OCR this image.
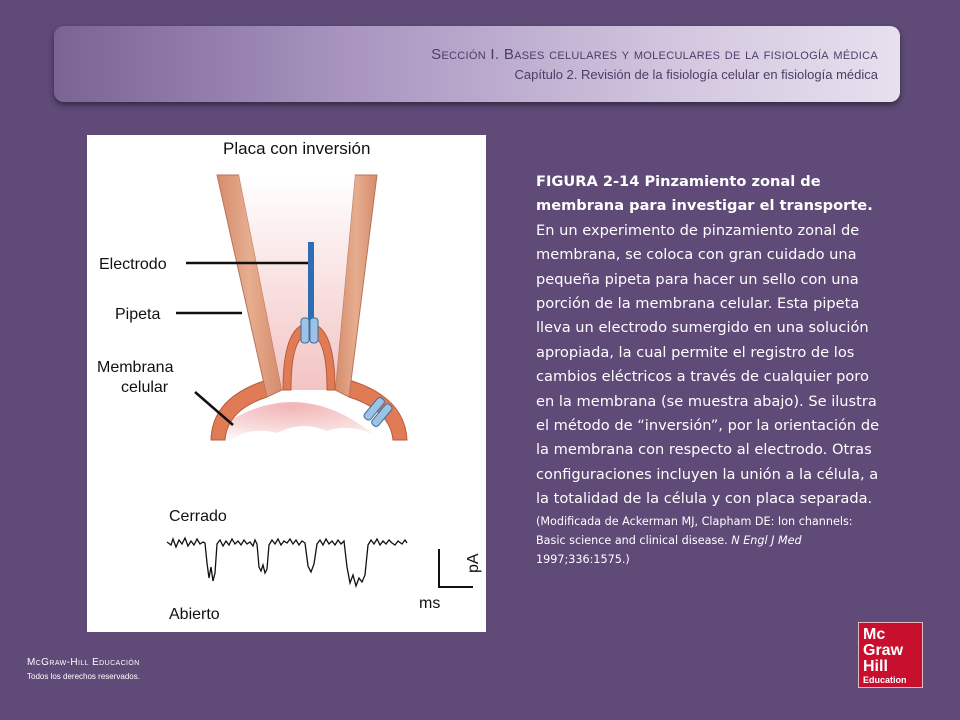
Sección I. Bases celulares y moleculares de la fisiología médica
Capítulo 2. Revisión de la fisiología celular en fisiología médica
Placa con inversión
Electrodo
Pipeta
Membrana
celular
Cerrado
Abierto
pA
ms
FIGURA 2-14 Pinzamiento zonal de membrana para investigar el transporte. En un experimento de pinzamiento zonal de membrana, se coloca con gran cuidado una pequeña pipeta para hacer un sello con una porción de la membrana celular. Esta pipeta lleva un electrodo sumergido en una solución apropiada, la cual permite el registro de los cambios eléctricos a través de cualquier poro en la membrana (se muestra abajo). Se ilustra el método de “inversión”, por la orientación de la membrana con respecto al electrodo. Otras configuraciones incluyen la unión a la célula, a la totalidad de la célula y con placa separada.
(Modificada de Ackerman MJ, Clapham DE: Ion channels: Basic science and clinical disease. N Engl J Med 1997;336:1575.)
McGraw-Hill Educación
Todos los derechos reservados.
Mc
Graw
Hill
Education
